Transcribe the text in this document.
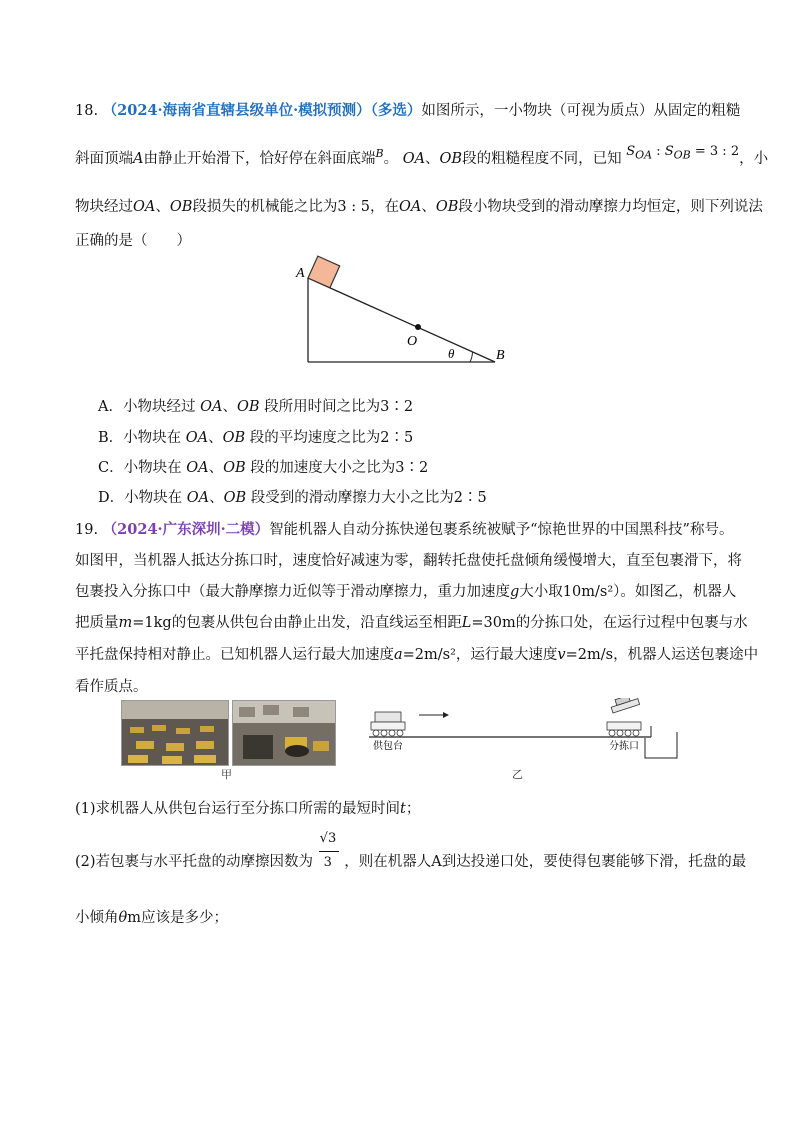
18. （2024·海南省直辖县级单位·模拟预测）（多选）如图所示，一小物块（可视为质点）从固定的粗糙
斜面顶端A由静止开始滑下，恰好停在斜面底端$^B$。 OA、OB段的粗糙程度不同，已知 $S_{OA}$ : $S_{OB} = 3$ : 2，小
物块经过OA、OB段损失的机械能之比为3 : 5，在OA、OB段小物块受到的滑动摩擦力均恒定，则下列说法
正确的是（　　）
A
O
θ	B
A．小物块经过 OA、OB 段所用时间之比为3∶2
B．小物块在 OA、OB 段的平均速度之比为2∶5
C．小物块在 OA、OB 段的加速度大小之比为3∶2
D．小物块在 OA、OB 段受到的滑动摩擦力大小之比为2∶5
19. （2024·广东深圳·二模）智能机器人自动分拣快递包裹系统被赋予“惊艳世界的中国黑科技”称号。
如图甲，当机器人抵达分拣口时，速度恰好减速为零，翻转托盘使托盘倾角缓慢增大，直至包裹滑下，将
包裹投入分拣口中（最大静摩擦力近似等于滑动摩擦力，重力加速度g大小取10m/s²）。如图乙，机器人
把质量m=1kg的包裹从供包台由静止出发，沿直线运至相距L=30m的分拣口处，在运行过程中包裹与水
平托盘保持相对静止。已知机器人运行最大加速度a=2m/s²，运行最大速度v=2m/s，机器人运送包裹途中
看作质点。
甲
供包台	分拣口
乙
(1)求机器人从供包台运行至分拣口所需的最短时间t；
(2)若包裹与水平托盘的动摩擦因数为 $\frac{√3}{3}$ ，则在机器人A到达投递口处，要使得包裹能够下滑，托盘的最
小倾角θm应该是多少；
